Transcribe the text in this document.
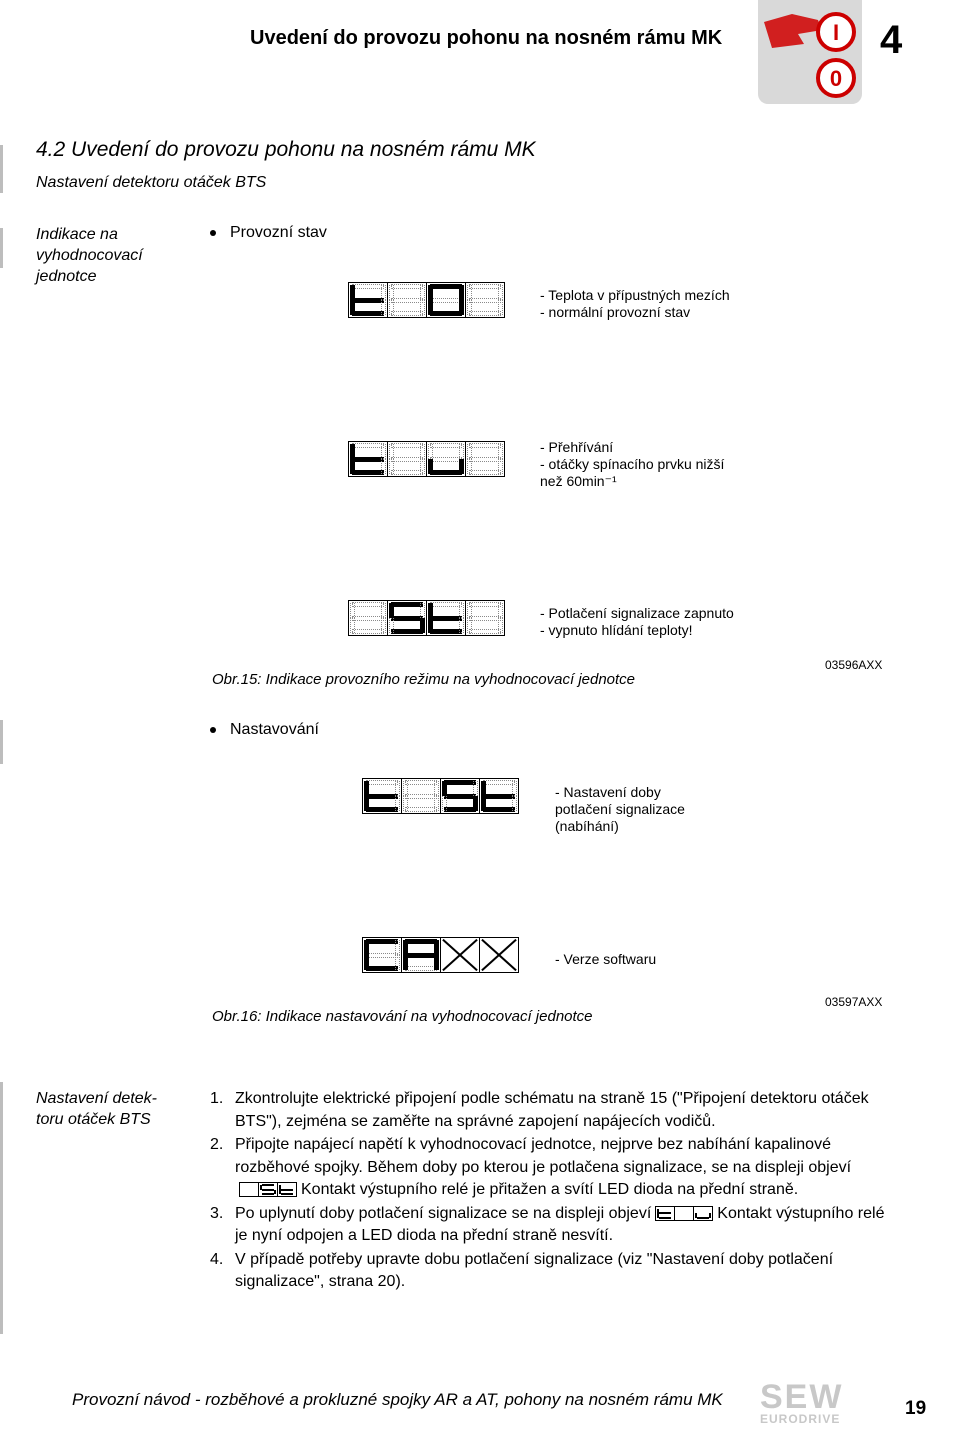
Uvedení do provozu pohonu na nosném rámu MK	I
0
4
4.2 Uvedení do provozu pohonu na nosném rámu MK
Nastavení detektoru otáček BTS
Indikace na
vyhodnocovací
jednotce
Provozní stav
- Teplota v přípustných mezích
- normální provozní stav
- Přehřívání
- otáčky spínacího prvku nižší
než 60min⁻¹
- Potlačení signalizace zapnuto
- vypnuto hlídání teploty!
Obr.15: Indikace provozního režimu na vyhodnocovací jednotce
03596AXX
Nastavování
- Nastavení doby
potlačení signalizace
(nabíhání)
- Verze softwaru
Obr.16: Indikace nastavování na vyhodnocovací jednotce
03597AXX
Nastavení detek-
toru otáček BTS
1. Zkontrolujte elektrické připojení podle schématu na straně 15 ("Připojení detektoru otáček BTS"), zejména se zaměřte na správné zapojení napájecích vodičů.
2. Připojte napájecí napětí k vyhodnocovací jednotce, nejprve bez nabíhání kapalinové rozběhové spojky. Během doby po kterou je potlačena signalizace, se na displeji objeví
Kontakt výstupního relé je přitažen a svítí LED dioda na přední straně.
3. Po uplynutí doby potlačení signalizace se na displeji objeví	Kontakt výstupního relé je nyní odpojen a LED dioda na přední straně nesvítí.
4. V případě potřeby upravte dobu potlačení signalizace (viz "Nastavení doby potlačení signalizace", strana 20).
Provozní návod - rozběhové a prokluzné spojky AR a AT, pohony na nosném rámu MK SEW
EURODRIVE	19
